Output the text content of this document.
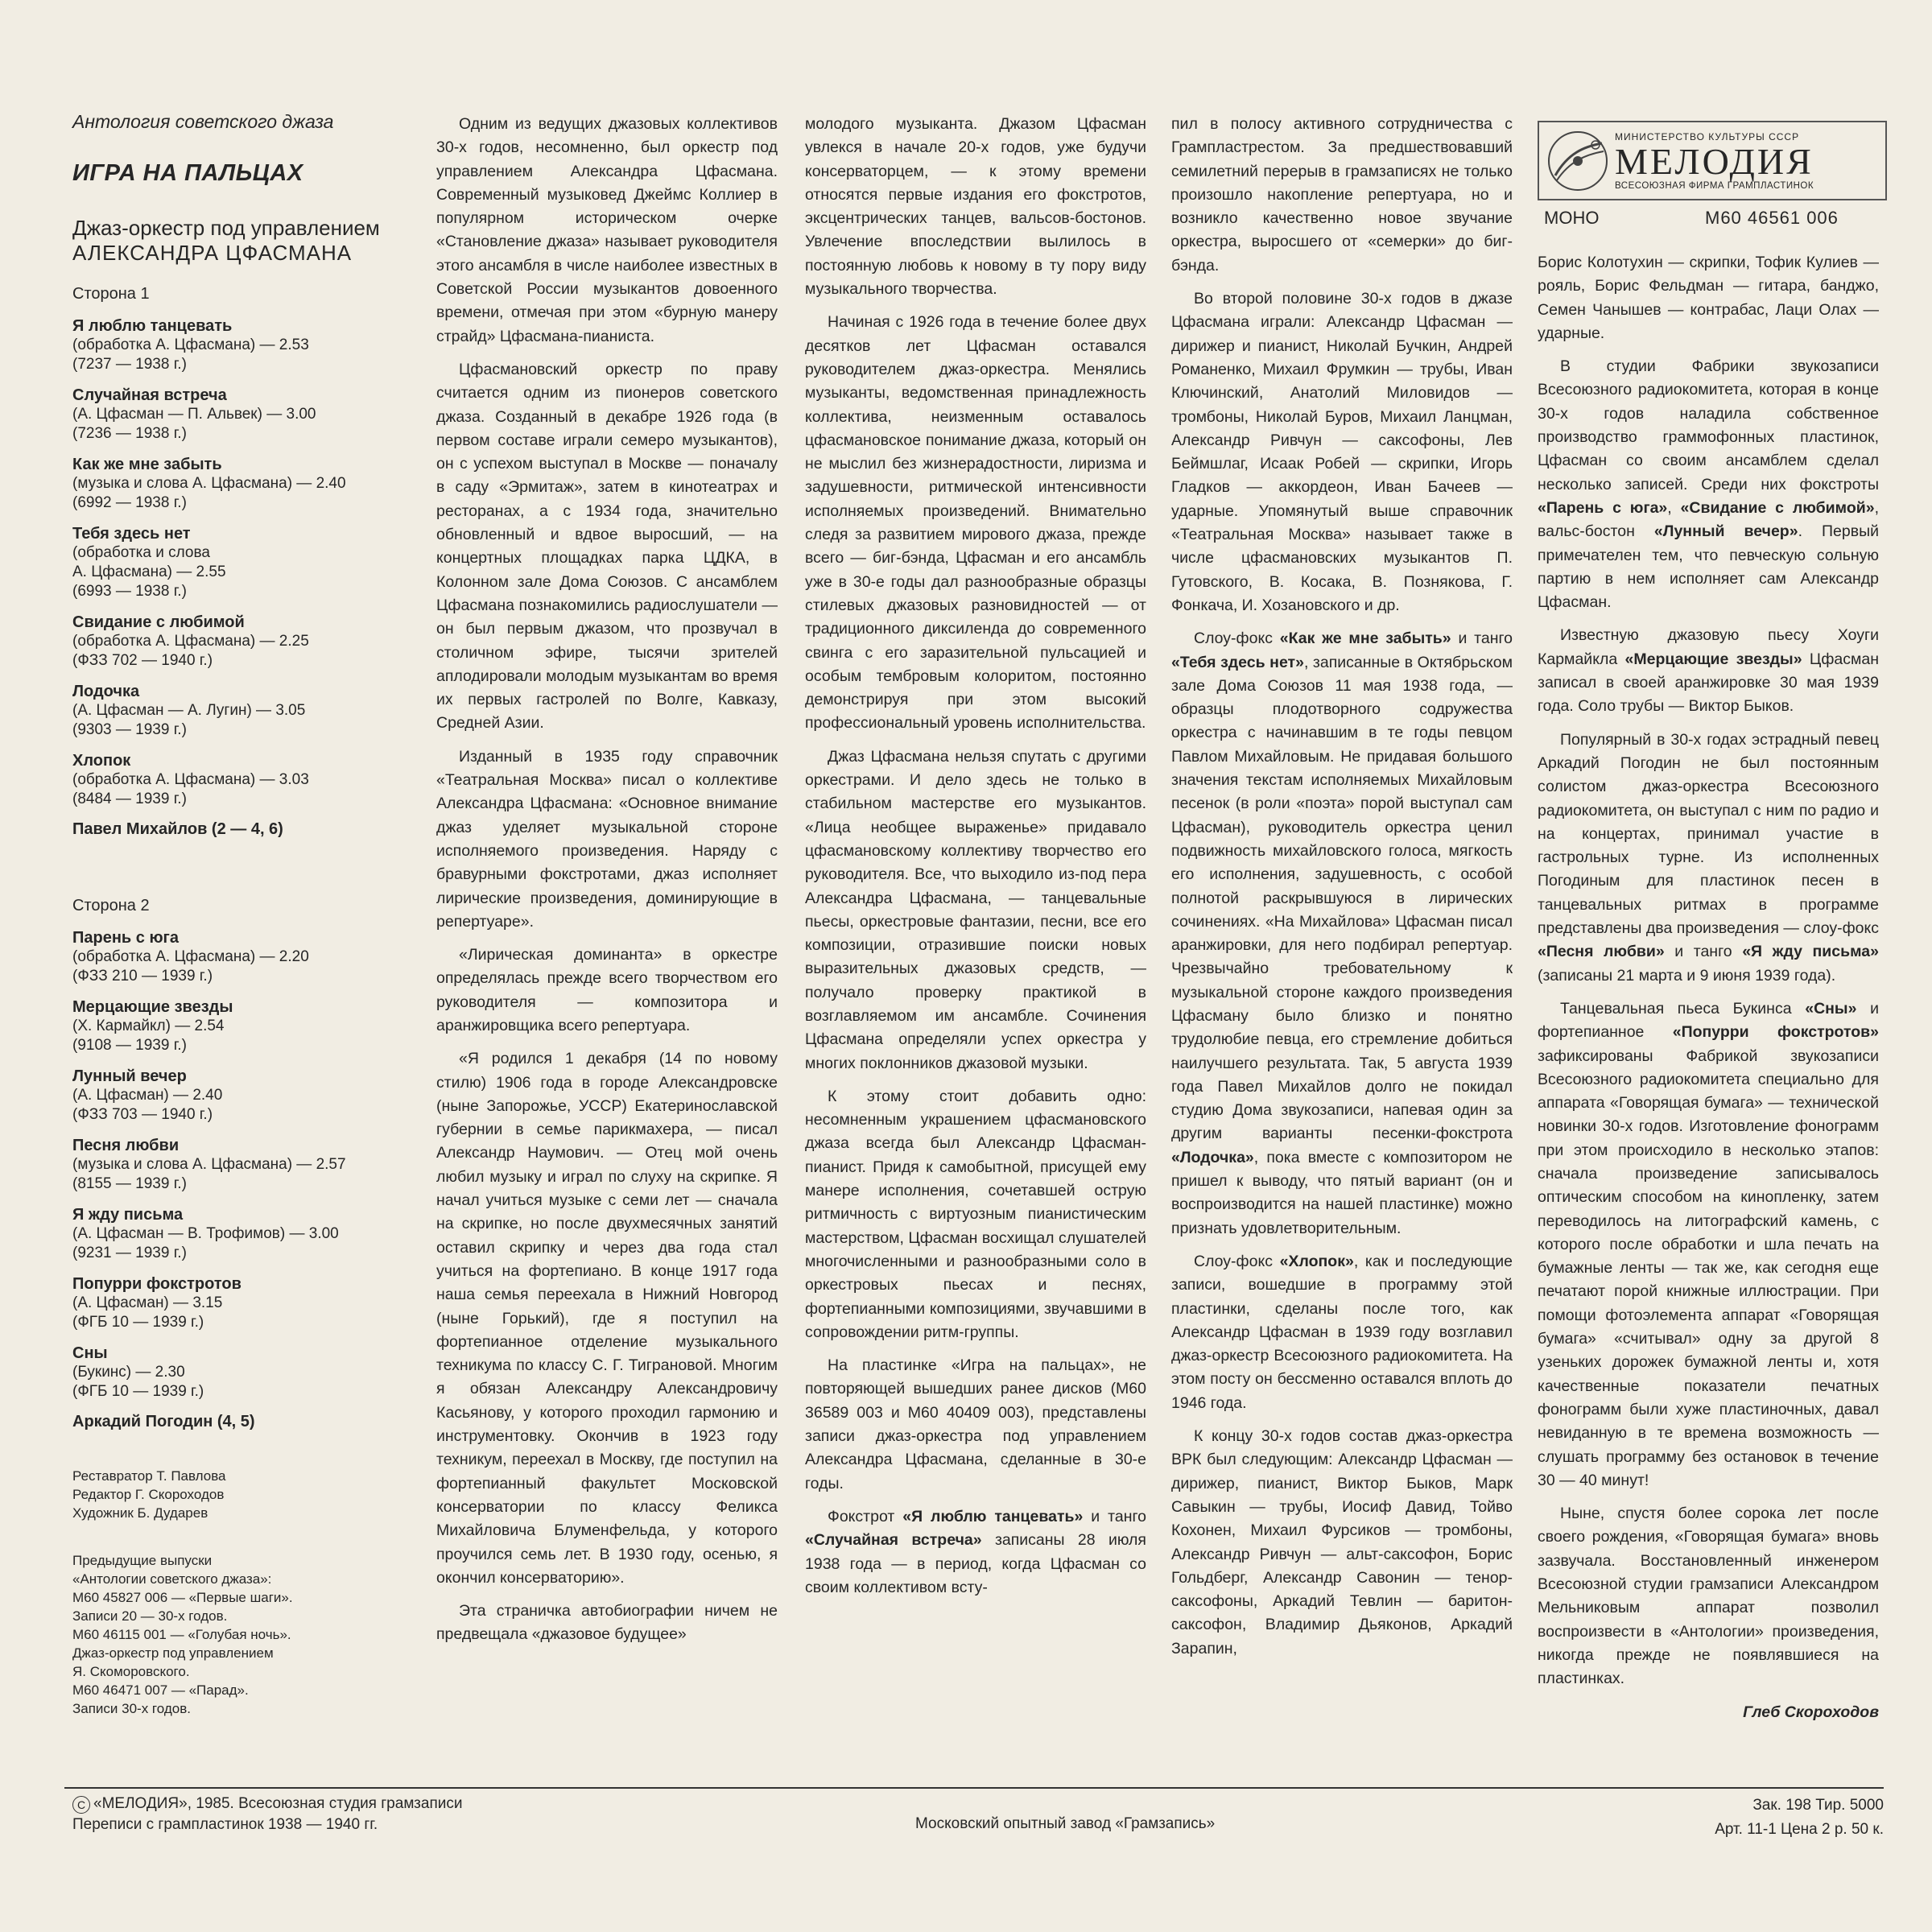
Антология советского джаза
ИГРА НА ПАЛЬЦАХ
Джаз-оркестр под управлением
АЛЕКСАНДРА ЦФАСМАНА
Сторона 1
Я люблю танцевать
(обработка А. Цфасмана) — 2.53
(7237 — 1938 г.)
Случайная встреча
(А. Цфасман — П. Альвек) — 3.00
(7236 — 1938 г.)
Как же мне забыть
(музыка и слова А. Цфасмана) — 2.40
(6992 — 1938 г.)
Тебя здесь нет
(обработка и слова
А. Цфасмана) — 2.55
(6993 — 1938 г.)
Свидание с любимой
(обработка А. Цфасмана) — 2.25
(ФЗЗ 702 — 1940 г.)
Лодочка
(А. Цфасман — А. Лугин) — 3.05
(9303 — 1939 г.)
Хлопок
(обработка А. Цфасмана) — 3.03
(8484 — 1939 г.)
Павел Михайлов (2 — 4, 6)
Сторона 2
Парень с юга
(обработка А. Цфасмана) — 2.20
(ФЗЗ 210 — 1939 г.)
Мерцающие звезды
(Х. Кармайкл) — 2.54
(9108 — 1939 г.)
Лунный вечер
(А. Цфасман) — 2.40
(ФЗЗ 703 — 1940 г.)
Песня любви
(музыка и слова А. Цфасмана) — 2.57
(8155 — 1939 г.)
Я жду письма
(А. Цфасман — В. Трофимов) — 3.00
(9231 — 1939 г.)
Попурри фокстротов
(А. Цфасман) — 3.15
(ФГБ 10 — 1939 г.)
Сны
(Букинс) — 2.30
(ФГБ 10 — 1939 г.)
Аркадий Погодин (4, 5)
Реставратор Т. Павлова
Редактор Г. Скороходов
Художник Б. Дударев
Предыдущие выпуски
«Антологии советского джаза»:
М60 45827 006 — «Первые шаги».
Записи 20 — 30-х годов.
М60 46115 001 — «Голубая ночь».
Джаз-оркестр под управлением
Я. Скоморовского.
М60 46471 007 — «Парад».
Записи 30-х годов.

Одним из ведущих джазовых коллективов 30-х годов, несомненно, был оркестр под управлением Александра Цфасмана. Современный музыковед Джеймс Коллиер в популярном историческом очерке «Становление джаза» называет руководителя этого ансамбля в числе наиболее известных в Советской России музыкантов довоенного времени, отмечая при этом «бурную манеру страйд» Цфасмана-пианиста.

Цфасмановский оркестр по праву считается одним из пионеров советского джаза. Созданный в декабре 1926 года (в первом составе играли семеро музыкантов), он с успехом выступал в Москве — поначалу в саду «Эрмитаж», затем в кинотеатрах и ресторанах, а с 1934 года, значительно обновленный и вдвое выросший, — на концертных площадках парка ЦДКА, в Колонном зале Дома Союзов. С ансамблем Цфасмана познакомились радиослушатели — он был первым джазом, что прозвучал в столичном эфире, тысячи зрителей аплодировали молодым музыкантам во время их первых гастролей по Волге, Кавказу, Средней Азии.

Изданный в 1935 году справочник «Театральная Москва» писал о коллективе Александра Цфасмана: «Основное внимание джаз уделяет музыкальной стороне исполняемого произведения. Наряду с бравурными фокстротами, джаз исполняет лирические произведения, доминирующие в репертуаре».

«Лирическая доминанта» в оркестре определялась прежде всего творчеством его руководителя — композитора и аранжировщика всего репертуара.

«Я родился 1 декабря (14 по новому стилю) 1906 года в городе Александровске (ныне Запорожье, УССР) Екатеринославской губернии в семье парикмахера, — писал Александр Наумович. — Отец мой очень любил музыку и играл по слуху на скрипке. Я начал учиться музыке с семи лет — сначала на скрипке, но после двухмесячных занятий оставил скрипку и через два года стал учиться на фортепиано. В конце 1917 года наша семья переехала в Нижний Новгород (ныне Горький), где я поступил на фортепианное отделение музыкального техникума по классу С. Г. Тиграновой. Многим я обязан Александру Александровичу Касьянову, у которого проходил гармонию и инструментовку. Окончив в 1923 году техникум, переехал в Москву, где поступил на фортепианный факультет Московской консерватории по классу Феликса Михайловича Блуменфельда, у которого проучился семь лет. В 1930 году, осенью, я окончил консерваторию».

Эта страничка автобиографии ничем не предвещала «джазовое будущее»

молодого музыканта. Джазом Цфасман увлекся в начале 20-х годов, уже будучи консерваторцем, — к этому времени относятся первые издания его фокстротов, эксцентрических танцев, вальсов-бостонов. Увлечение впоследствии вылилось в постоянную любовь к новому в ту пору виду музыкального творчества.

Начиная с 1926 года в течение более двух десятков лет Цфасман оставался руководителем джаз-оркестра. Менялись музыканты, ведомственная принадлежность коллектива, неизменным оставалось цфасмановское понимание джаза, который он не мыслил без жизнерадостности, лиризма и задушевности, ритмической интенсивности исполняемых произведений. Внимательно следя за развитием мирового джаза, прежде всего — биг-бэнда, Цфасман и его ансамбль уже в 30-е годы дал разнообразные образцы стилевых джазовых разновидностей — от традиционного диксиленда до современного свинга с его заразительной пульсацией и особым тембровым колоритом, постоянно демонстрируя при этом высокий профессиональный уровень исполнительства.

Джаз Цфасмана нельзя спутать с другими оркестрами. И дело здесь не только в стабильном мастерстве его музыкантов. «Лица необщее выраженье» придавало цфасмановскому коллективу творчество его руководителя. Все, что выходило из-под пера Александра Цфасмана, — танцевальные пьесы, оркестровые фантазии, песни, все его композиции, отразившие поиски новых выразительных джазовых средств, — получало проверку практикой в возглавляемом им ансамбле. Сочинения Цфасмана определяли успех оркестра у многих поклонников джазовой музыки.

К этому стоит добавить одно: несомненным украшением цфасмановского джаза всегда был Александр Цфасман-пианист. Придя к самобытной, присущей ему манере исполнения, сочетавшей острую ритмичность с виртуозным пианистическим мастерством, Цфасман восхищал слушателей многочисленными и разнообразными соло в оркестровых пьесах и песнях, фортепианными композициями, звучавшими в сопровождении ритм-группы.

На пластинке «Игра на пальцах», не повторяющей вышедших ранее дисков (М60 36589 003 и М60 40409 003), представлены записи джаз-оркестра под управлением Александра Цфасмана, сделанные в 30-е годы.

Фокстрот «Я люблю танцевать» и танго «Случайная встреча» записаны 28 июля 1938 года — в период, когда Цфасман со своим коллективом всту-

пил в полосу активного сотрудничества с Грампластрестом. За предшествовавший семилетний перерыв в грамзаписях не только произошло накопление репертуара, но и возникло качественно новое звучание оркестра, выросшего от «семерки» до биг-бэнда.

Во второй половине 30-х годов в джазе Цфасмана играли: Александр Цфасман — дирижер и пианист, Николай Бучкин, Андрей Романенко, Михаил Фрумкин — трубы, Иван Ключинский, Анатолий Миловидов — тромбоны, Николай Буров, Михаил Ланцман, Александр Ривчун — саксофоны, Лев Беймшлаг, Исаак Робей — скрипки, Игорь Гладков — аккордеон, Иван Бачеев — ударные. Упомянутый выше справочник «Театральная Москва» называет также в числе цфасмановских музыкантов П. Гутовского, В. Косака, В. Познякова, Г. Фонкача, И. Хозановского и др.

Слоу-фокс «Как же мне забыть» и танго «Тебя здесь нет», записанные в Октябрьском зале Дома Союзов 11 мая 1938 года, — образцы плодотворного содружества оркестра с начинавшим в те годы певцом Павлом Михайловым. Не придавая большого значения текстам исполняемых Михайловым песенок (в роли «поэта» порой выступал сам Цфасман), руководитель оркестра ценил подвижность михайловского голоса, мягкость его исполнения, задушевность, с особой полнотой раскрывшуюся в лирических сочинениях. «На Михайлова» Цфасман писал аранжировки, для него подбирал репертуар. Чрезвычайно требовательному к музыкальной стороне каждого произведения Цфасману было близко и понятно трудолюбие певца, его стремление добиться наилучшего результата. Так, 5 августа 1939 года Павел Михайлов долго не покидал студию Дома звукозаписи, напевая один за другим варианты песенки-фокстрота «Лодочка», пока вместе с композитором не пришел к выводу, что пятый вариант (он и воспроизводится на нашей пластинке) можно признать удовлетворительным.

Слоу-фокс «Хлопок», как и последующие записи, вошедшие в программу этой пластинки, сделаны после того, как Александр Цфасман в 1939 году возглавил джаз-оркестр Всесоюзного радиокомитета. На этом посту он бессменно оставался вплоть до 1946 года.

К концу 30-х годов состав джаз-оркестра ВРК был следующим: Александр Цфасман — дирижер, пианист, Виктор Быков, Марк Савыкин — трубы, Иосиф Давид, Тойво Кохонен, Михаил Фурсиков — тромбоны, Александр Ривчун — альт-саксофон, Борис Гольдберг, Александр Савонин — тенор-саксофоны, Аркадий Тевлин — баритон-саксофон, Владимир Дьяконов, Аркадий Зарапин,

МИНИСТЕРСТВО КУЛЬТУРЫ СССР
МЕЛОДИЯ
ВСЕСОЮЗНАЯ ФИРМА ГРАМПЛАСТИНОК
МОНО	М60 46561 006

Борис Колотухин — скрипки, Тофик Кулиев — рояль, Борис Фельдман — гитара, банджо, Семен Чанышев — контрабас, Лаци Олах — ударные.

В студии Фабрики звукозаписи Всесоюзного радиокомитета, которая в конце 30-х годов наладила собственное производство граммофонных пластинок, Цфасман со своим ансамблем сделал несколько записей. Среди них фокстроты «Парень с юга», «Свидание с любимой», вальс-бостон «Лунный вечер». Первый примечателен тем, что певческую сольную партию в нем исполняет сам Александр Цфасман.

Известную джазовую пьесу Хоуги Кармайкла «Мерцающие звезды» Цфасман записал в своей аранжировке 30 мая 1939 года. Соло трубы — Виктор Быков.

Популярный в 30-х годах эстрадный певец Аркадий Погодин не был постоянным солистом джаз-оркестра Всесоюзного радиокомитета, он выступал с ним по радио и на концертах, принимал участие в гастрольных турне. Из исполненных Погодиным для пластинок песен в танцевальных ритмах в программе представлены два произведения — слоу-фокс «Песня любви» и танго «Я жду письма» (записаны 21 марта и 9 июня 1939 года).

Танцевальная пьеса Букинса «Сны» и фортепианное «Попурри фокстротов» зафиксированы Фабрикой звукозаписи Всесоюзного радиокомитета специально для аппарата «Говорящая бумага» — технической новинки 30-х годов. Изготовление фонограмм при этом происходило в несколько этапов: сначала произведение записывалось оптическим способом на кинопленку, затем переводилось на литографский камень, с которого после обработки и шла печать на бумажные ленты — так же, как сегодня еще печатают порой книжные иллюстрации. При помощи фотоэлемента аппарат «Говорящая бумага» «считывал» одну за другой 8 узеньких дорожек бумажной ленты и, хотя качественные показатели печатных фонограмм были хуже пластиночных, давал невиданную в те времена возможность — слушать программу без остановок в течение 30 — 40 минут!

Ныне, спустя более сорока лет после своего рождения, «Говорящая бумага» вновь зазвучала. Восстановленный инженером Всесоюзной студии грамзаписи Александром Мельниковым аппарат позволил воспроизвести в «Антологии» произведения, никогда прежде не появлявшиеся на пластинках.

Глеб Скороходов
C «МЕЛОДИЯ», 1985. Всесоюзная студия грамзаписи
Переписи с грампластинок 1938 — 1940 гг.	Московский опытный завод «Грамзапись»
Зак. 198 Тир. 5000
Арт. 11-1 Цена 2 р. 50 к.
